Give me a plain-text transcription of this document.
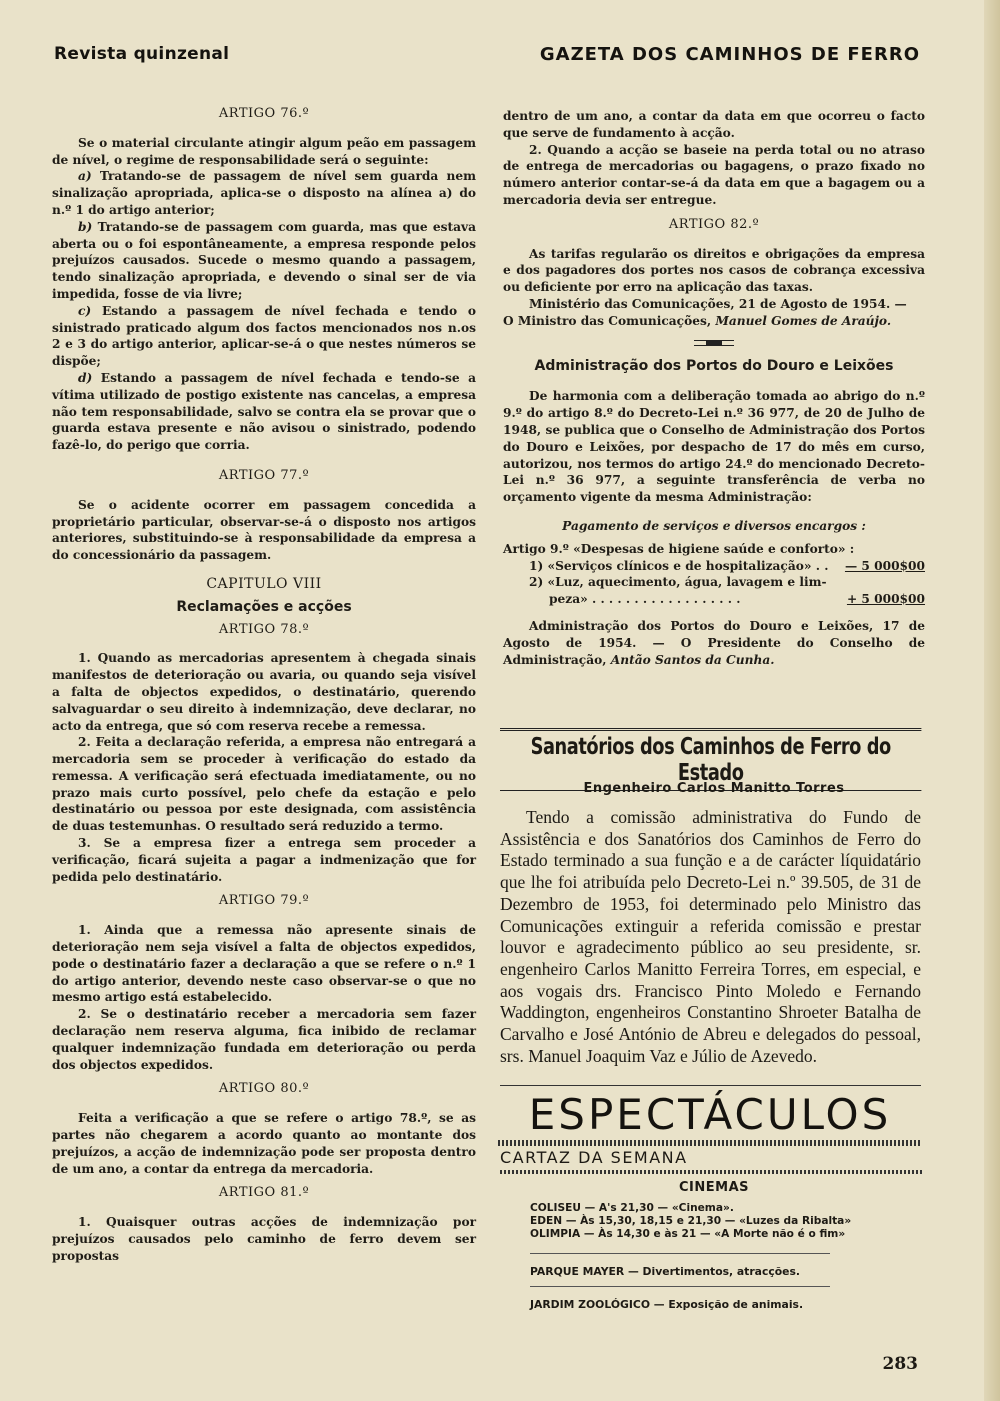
Revista quinzenal	GAZETA DOS CAMINHOS DE FERRO
ARTIGO 76.º

Se o material circulante atingir algum peão em passagem de nível, o regime de responsabilidade será o seguinte:

a) Tratando-se de passagem de nível sem guarda nem sinalização apropriada, aplica-se o disposto na alínea a) do n.º 1 do artigo anterior;

b) Tratando-se de passagem com guarda, mas que estava aberta ou o foi espontâneamente, a empresa responde pelos prejuízos causados. Sucede o mesmo quando a passagem, tendo sinalização apropriada, e devendo o sinal ser de via impedida, fosse de via livre;

c) Estando a passagem de nível fechada e tendo o sinistrado praticado algum dos factos mencionados nos n.os 2 e 3 do artigo anterior, aplicar-se-á o que nestes números se dispõe;

d) Estando a passagem de nível fechada e tendo-se a vítima utilizado de postigo existente nas cancelas, a empresa não tem responsabilidade, salvo se contra ela se provar que o guarda estava presente e não avisou o sinistrado, podendo fazê-lo, do perigo que corria.

ARTIGO 77.º

Se o acidente ocorrer em passagem concedida a proprietário particular, observar-se-á o disposto nos artigos anteriores, substituindo-se à responsabilidade da empresa a do concessionário da passagem.

CAPITULO VIII
Reclamações e acções
ARTIGO 78.º

1. Quando as mercadorias apresentem à chegada sinais manifestos de deterioração ou avaria, ou quando seja visível a falta de objectos expedidos, o destinatário, querendo salvaguardar o seu direito à indemnização, deve declarar, no acto da entrega, que só com reserva recebe a remessa.

2. Feita a declaração referida, a empresa não entregará a mercadoria sem se proceder à verificação do estado da remessa. A verificação será efectuada imediatamente, ou no prazo mais curto possível, pelo chefe da estação e pelo destinatário ou pessoa por este designada, com assistência de duas testemunhas. O resultado será reduzido a termo.

3. Se a empresa fizer a entrega sem proceder a verificação, ficará sujeita a pagar a indmenização que for pedida pelo destinatário.

ARTIGO 79.º

1. Ainda que a remessa não apresente sinais de deterioração nem seja visível a falta de objectos expedidos, pode o destinatário fazer a declaração a que se refere o n.º 1 do artigo anterior, devendo neste caso observar-se o que no mesmo artigo está estabelecido.

2. Se o destinatário receber a mercadoria sem fazer declaração nem reserva alguma, fica inibido de reclamar qualquer indemnização fundada em deterioração ou perda dos objectos expedidos.

ARTIGO 80.º

Feita a verificação a que se refere o artigo 78.º, se as partes não chegarem a acordo quanto ao montante dos prejuízos, a acção de indemnização pode ser proposta dentro de um ano, a contar da entrega da mercadoria.

ARTIGO 81.º

1. Quaisquer outras acções de indemnização por prejuízos causados pelo caminho de ferro devem ser propostas

dentro de um ano, a contar da data em que ocorreu o facto que serve de fundamento à acção.

2. Quando a acção se baseie na perda total ou no atraso de entrega de mercadorias ou bagagens, o prazo fixado no número anterior contar-se-á da data em que a bagagem ou a mercadoria devia ser entregue.

ARTIGO 82.º

As tarifas regularão os direitos e obrigações da empresa e dos pagadores dos portes nos casos de cobrança excessiva ou deficiente por erro na aplicação das taxas.

Ministério das Comunicações, 21 de Agosto de 1954. —

O Ministro das Comunicações, Manuel Gomes de Araújo.

Administração dos Portos do Douro e Leixões

De harmonia com a deliberação tomada ao abrigo do n.º 9.º do artigo 8.º do Decreto-Lei n.º 36 977, de 20 de Julho de 1948, se publica que o Conselho de Administração dos Portos do Douro e Leixões, por despacho de 17 do mês em curso, autorizou, nos termos do artigo 24.º do mencionado Decreto-Lei n.º 36 977, a seguinte transferência de verba no orçamento vigente da mesma Administração:

Pagamento de serviços e diversos encargos :

Artigo 9.º «Despesas de higiene saúde e conforto» :

1) «Serviços clínicos e de hospitalização» . . — 5 000$00
2) «Luz, aquecimento, água, lavagem e lim-
peza» . . . . . . . . . . . . . . . . . .	+ 5 000$00

Administração dos Portos do Douro e Leixões, 17 de Agosto de 1954. — O Presidente do Conselho de Administração, Antão Santos da Cunha.

Sanatórios dos Caminhos de Ferro do Estado
Engenheiro Carlos Manitto Torres
Tendo a comissão administrativa do Fundo de Assistência e dos Sanatórios dos Caminhos de Ferro do Estado terminado a sua função e a de carácter líquidatário que lhe foi atribuída pelo Decreto-Lei n.º 39.505, de 31 de Dezembro de 1953, foi determinado pelo Ministro das Comunicações extinguir a referida comissão e prestar louvor e agradecimento público ao seu presidente, sr. engenheiro Carlos Manitto Ferreira Torres, em especial, e aos vogais drs. Francisco Pinto Moledo e Fernando Waddington, engenheiros Constantino Shroeter Batalha de Carvalho e José António de Abreu e delegados do pessoal, srs. Manuel Joaquim Vaz e Júlio de Azevedo.
ESPECTÁCULOS
CARTAZ DA SEMANA
CINEMAS
COLISEU — A's 21,30 — «Cinema».
EDEN — Às 15,30, 18,15 e 21,30 — «Luzes da Ribalta»
OLIMPIA — Às 14,30 e às 21 — «A Morte não é o fim»
PARQUE MAYER — Divertimentos, atracções.
JARDIM ZOOLÓGICO — Exposição de animais.
283
